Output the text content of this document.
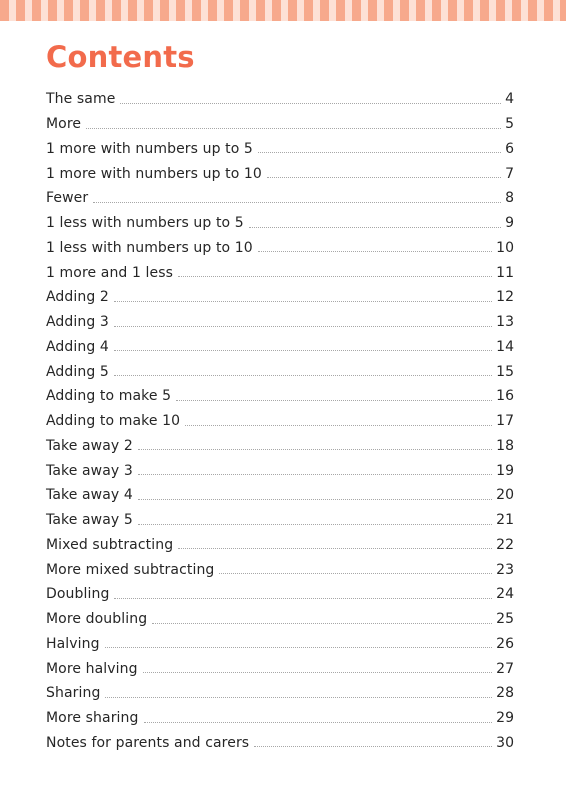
Contents
The same	4
More	5
1 more with numbers up to 5	6
1 more with numbers up to 10	7
Fewer	8
1 less with numbers up to 5	9
1 less with numbers up to 10	10
1 more and 1 less	11
Adding 2	12
Adding 3	13
Adding 4	14
Adding 5	15
Adding to make 5	16
Adding to make 10	17
Take away 2	18
Take away 3	19
Take away 4	20
Take away 5	21
Mixed subtracting	22
More mixed subtracting	23
Doubling	24
More doubling	25
Halving	26
More halving	27
Sharing	28
More sharing	29
Notes for parents and carers	30
